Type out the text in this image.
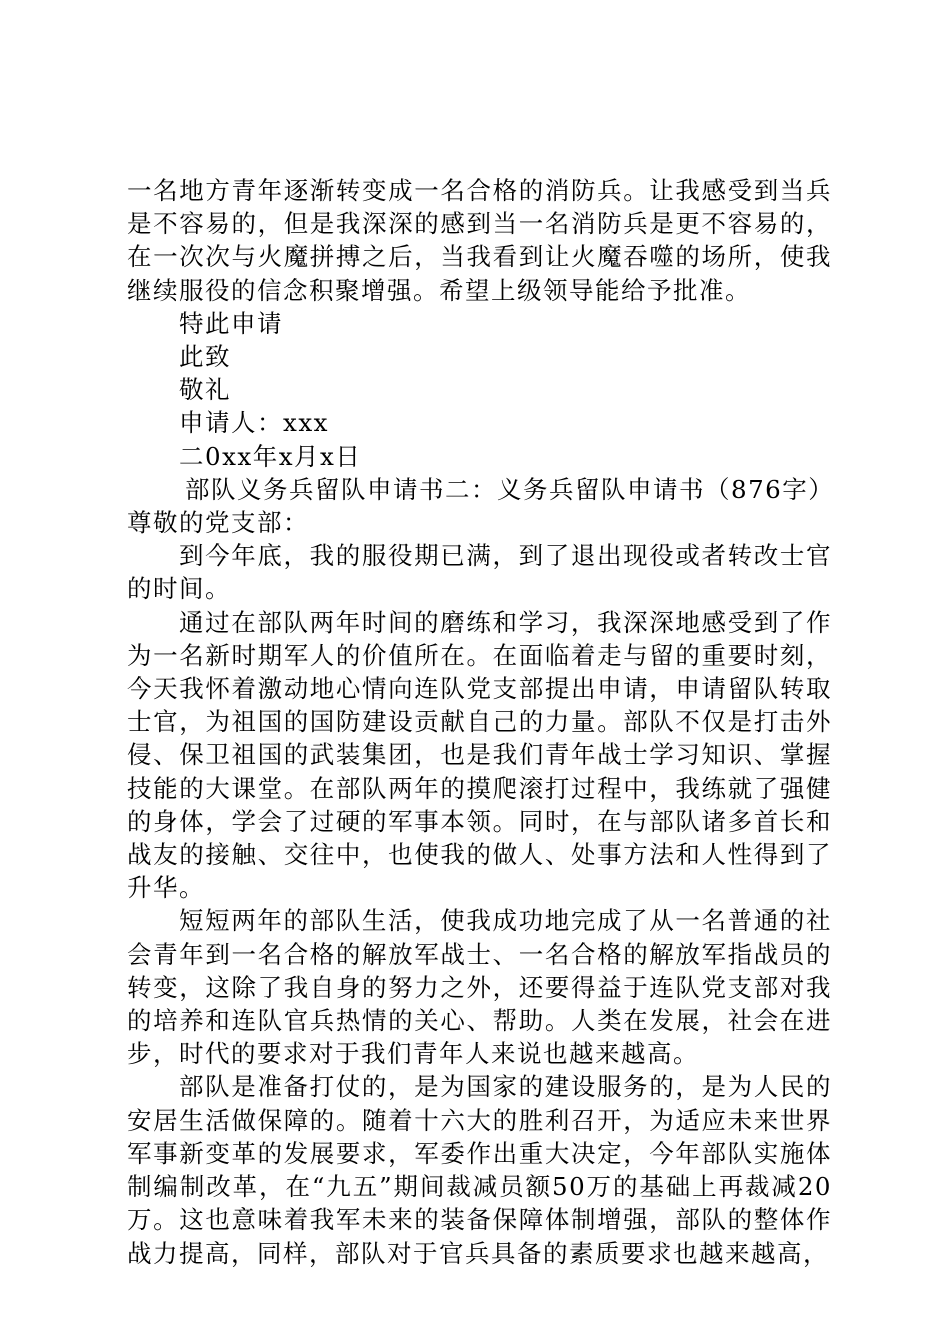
一名地方青年逐渐转变成一名合格的消防兵。让我感受到当兵是不容易的，但是我深深的感到当一名消防兵是更不容易的，在一次次与火魔拼搏之后，当我看到让火魔吞噬的场所，使我继续服役的信念积聚增强。希望上级领导能给予批准。

特此申请

此致

敬礼

申请人：xxx

二0xx年x月x日

部队义务兵留队申请书二：义务兵留队申请书（876字）

尊敬的党支部：

到今年底，我的服役期已满，到了退出现役或者转改士官的时间。

通过在部队两年时间的磨练和学习，我深深地感受到了作为一名新时期军人的价值所在。在面临着走与留的重要时刻，今天我怀着激动地心情向连队党支部提出申请，申请留队转取士官，为祖国的国防建设贡献自己的力量。部队不仅是打击外侵、保卫祖国的武装集团，也是我们青年战士学习知识、掌握技能的大课堂。在部队两年的摸爬滚打过程中，我练就了强健的身体，学会了过硬的军事本领。同时，在与部队诸多首长和战友的接触、交往中，也使我的做人、处事方法和人性得到了升华。

短短两年的部队生活，使我成功地完成了从一名普通的社会青年到一名合格的解放军战士、一名合格的解放军指战员的转变，这除了我自身的努力之外，还要得益于连队党支部对我的培养和连队官兵热情的关心、帮助。人类在发展，社会在进步，时代的要求对于我们青年人来说也越来越高。

部队是准备打仗的，是为国家的建设服务的，是为人民的安居生活做保障的。随着十六大的胜利召开，为适应未来世界军事新变革的发展要求，军委作出重大决定，今年部队实施体制编制改革，在“九五”期间裁减员额50万的基础上再裁减20万。这也意味着我军未来的装备保障体制增强，部队的整体作战力提高，同样，部队对于官兵具备的素质要求也越来越高，
